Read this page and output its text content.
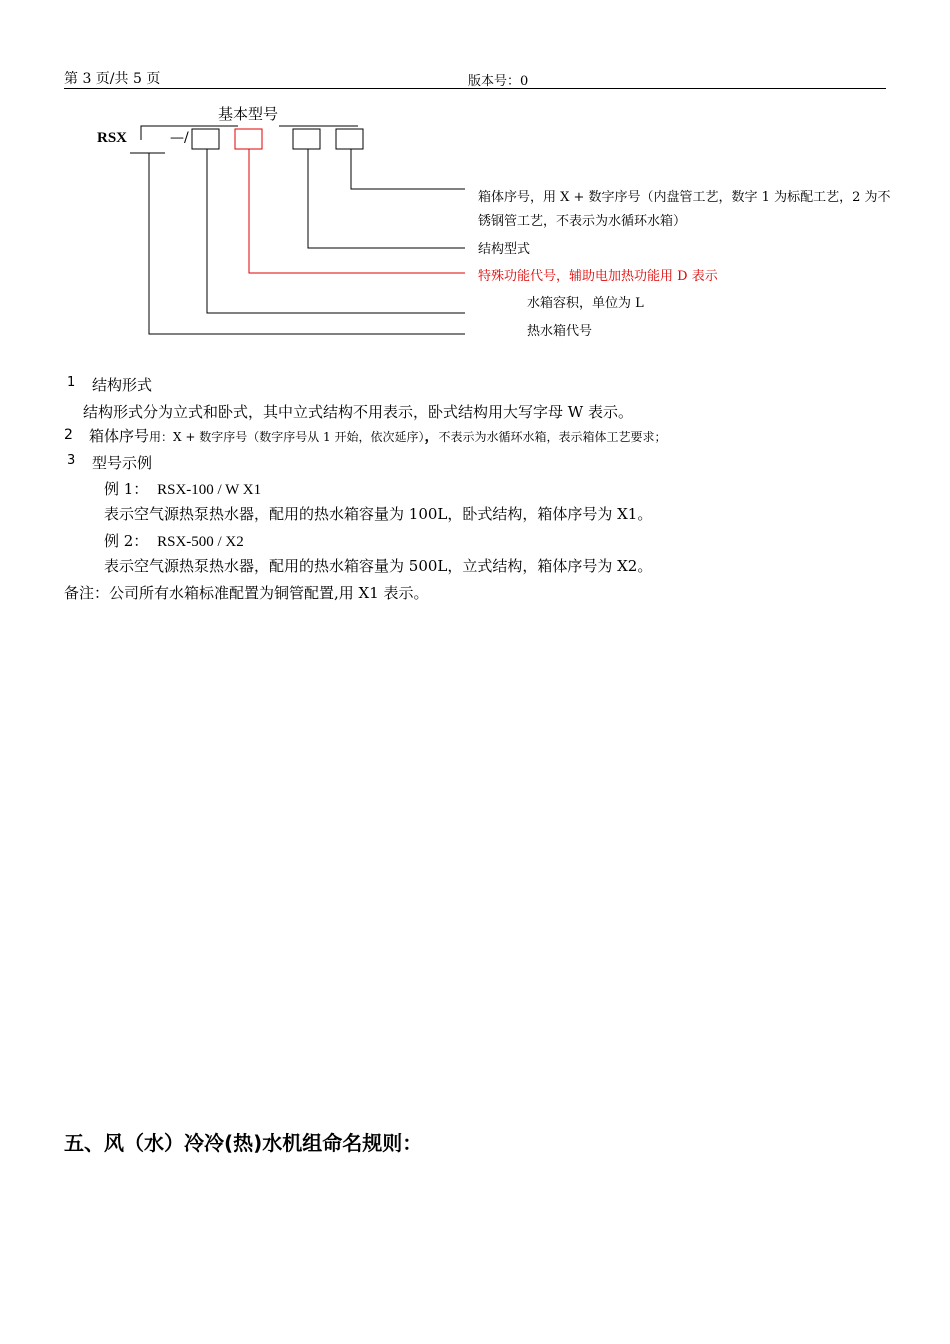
第 3 页/共 5 页	版本号：0
基本型号
RSX	—/
箱体序号，用 X + 数字序号（内盘管工艺，数字 1 为标配工艺，2 为不
锈钢管工艺，不表示为水循环水箱）
结构型式
特殊功能代号，辅助电加热功能用 D 表示
水箱容积，单位为 L
热水箱代号
1 结构形式
结构形式分为立式和卧式，其中立式结构不用表示，卧式结构用大写字母 W 表示。
2 箱体序号用：X + 数字序号（数字序号从 1 开始，依次延序），不表示为水循环水箱，表示箱体工艺要求；
3 型号示例
例 1： RSX-100 / W X1
表示空气源热泵热水器，配用的热水箱容量为 100L，卧式结构，箱体序号为 X1。
例 2： RSX-500 / X2
表示空气源热泵热水器，配用的热水箱容量为 500L，立式结构，箱体序号为 X2。
备注：公司所有水箱标准配置为铜管配置,用 X1 表示。
五、风（水）冷冷(热)水机组命名规则：
